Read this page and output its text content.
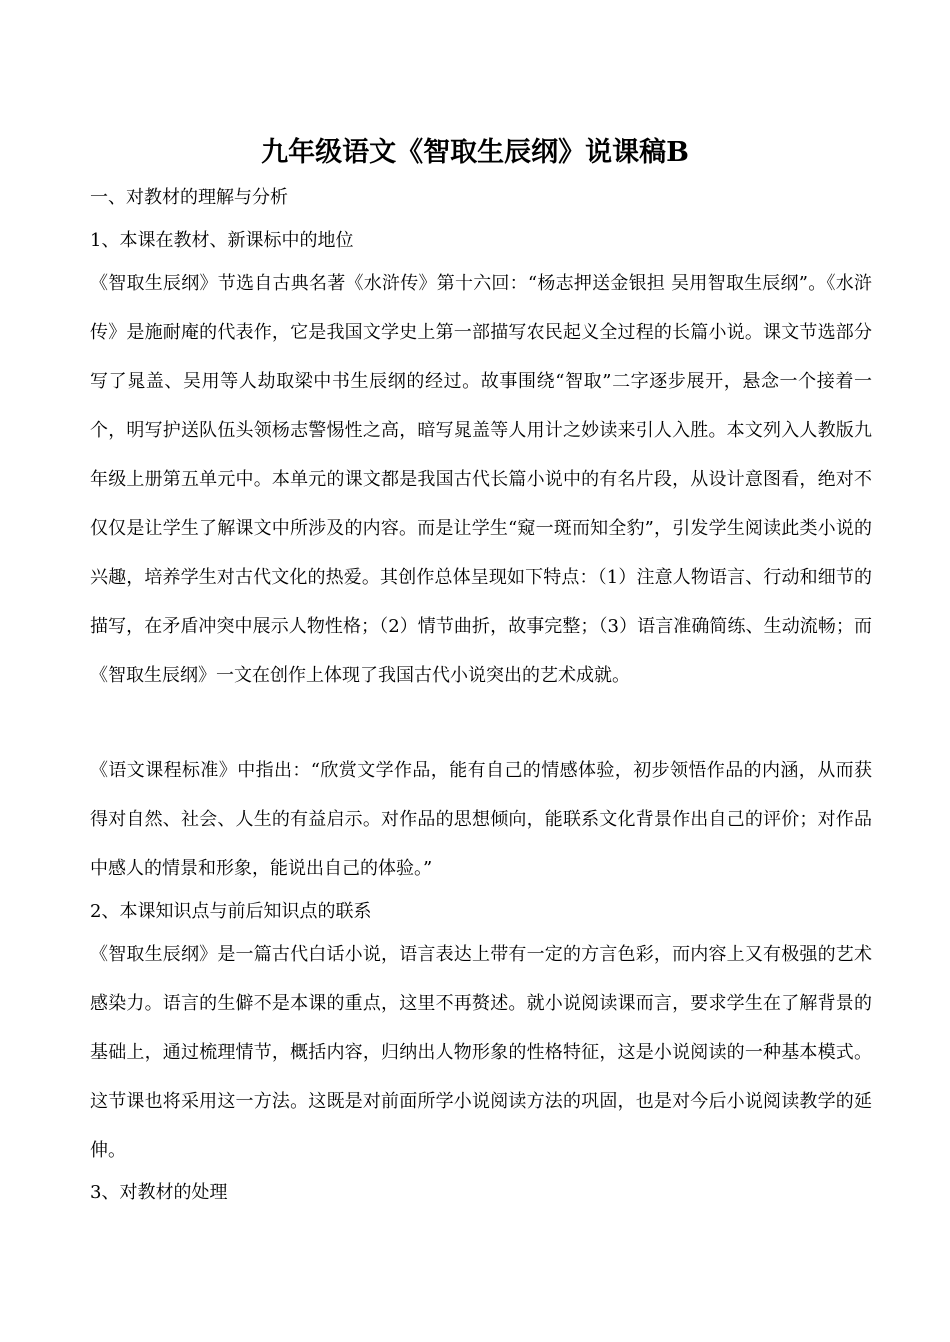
九年级语文《智取生辰纲》说课稿B
一、对教材的理解与分析
1、本课在教材、新课标中的地位
《智取生辰纲》节选自古典名著《水浒传》第十六回：“杨志押送金银担 吴用智取生辰纲”。《水浒传》是施耐庵的代表作，它是我国文学史上第一部描写农民起义全过程的长篇小说。课文节选部分写了晁盖、吴用等人劫取梁中书生辰纲的经过。故事围绕“智取”二字逐步展开，悬念一个接着一个，明写护送队伍头领杨志警惕性之高，暗写晁盖等人用计之妙读来引人入胜。本文列入人教版九年级上册第五单元中。本单元的课文都是我国古代长篇小说中的有名片段，从设计意图看，绝对不仅仅是让学生了解课文中所涉及的内容。而是让学生“窥一斑而知全豹”，引发学生阅读此类小说的兴趣，培养学生对古代文化的热爱。其创作总体呈现如下特点：（1）注意人物语言、行动和细节的描写，在矛盾冲突中展示人物性格；（2）情节曲折，故事完整；（3）语言准确简练、生动流畅；而《智取生辰纲》一文在创作上体现了我国古代小说突出的艺术成就。
《语文课程标准》中指出：“欣赏文学作品，能有自己的情感体验，初步领悟作品的内涵，从而获得对自然、社会、人生的有益启示。对作品的思想倾向，能联系文化背景作出自己的评价；对作品中感人的情景和形象，能说出自己的体验。”
2、本课知识点与前后知识点的联系
《智取生辰纲》是一篇古代白话小说，语言表达上带有一定的方言色彩，而内容上又有极强的艺术感染力。语言的生僻不是本课的重点，这里不再赘述。就小说阅读课而言，要求学生在了解背景的基础上，通过梳理情节，概括内容，归纳出人物形象的性格特征，这是小说阅读的一种基本模式。这节课也将采用这一方法。这既是对前面所学小说阅读方法的巩固，也是对今后小说阅读教学的延伸。
3、对教材的处理
